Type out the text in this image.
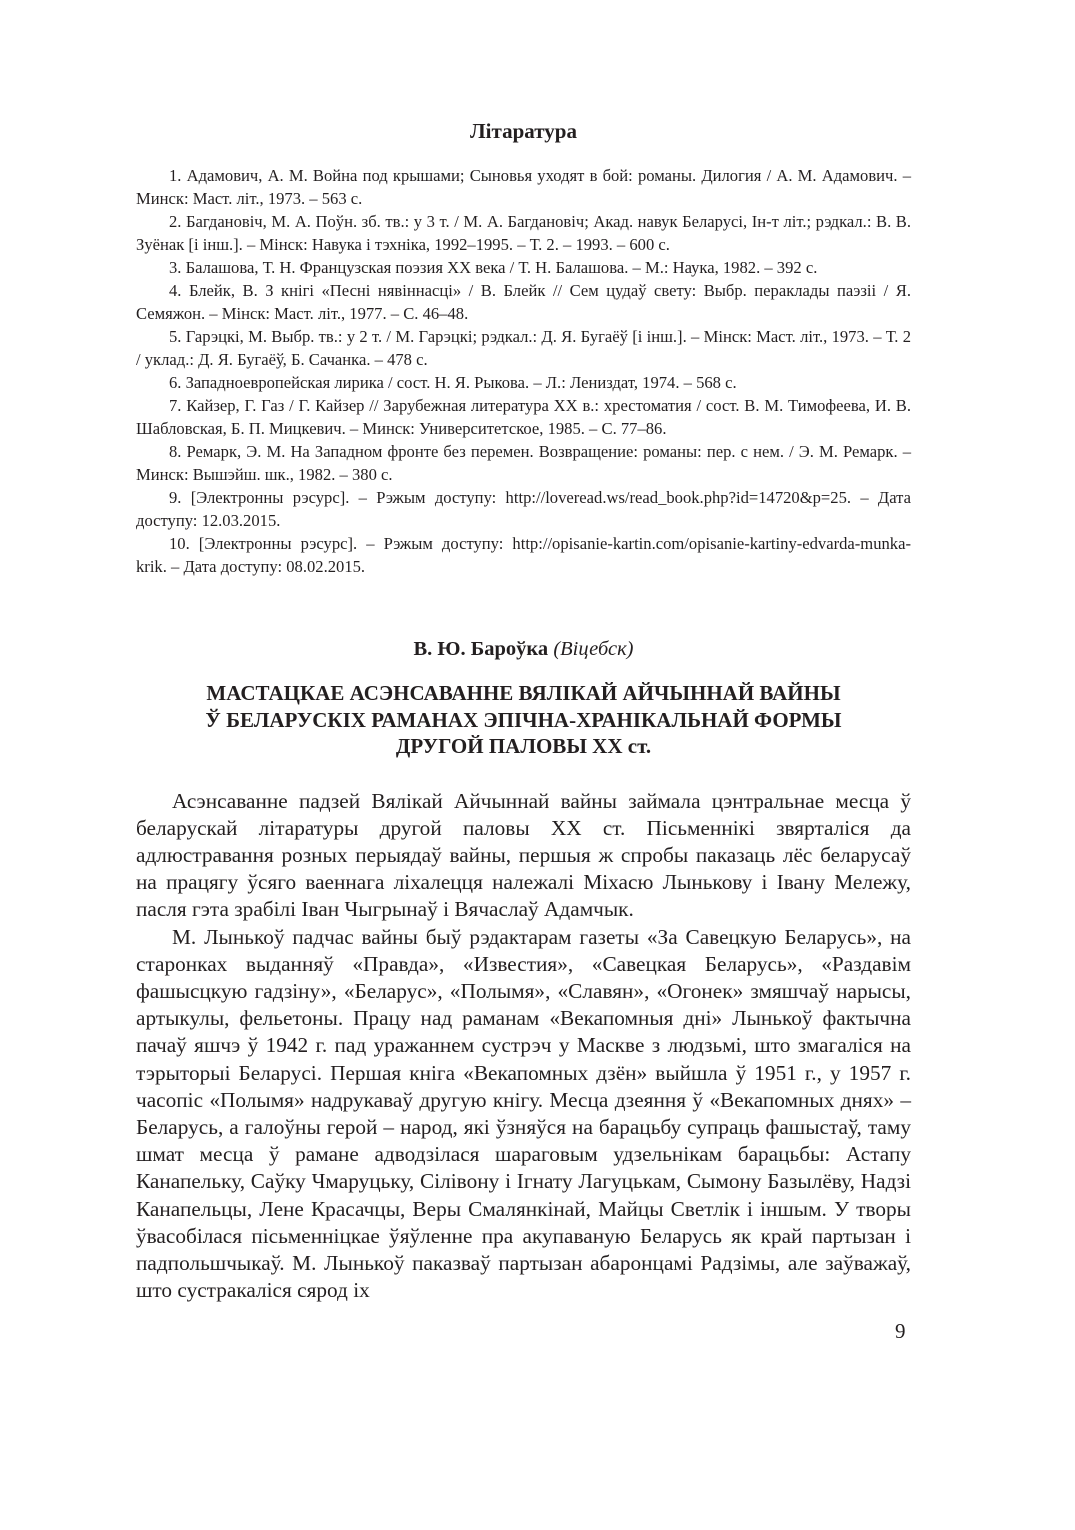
Літаратура

1. Адамович, А. М. Война под крышами; Сыновья уходят в бой: романы. Дилогия / А. М. Адамович. – Минск: Маст. літ., 1973. – 563 с.

2. Багдановіч, М. А. Поўн. зб. тв.: у 3 т. / М. А. Багдановіч; Акад. навук Беларусі, Ін-т літ.; рэдкал.: В. В. Зуёнак [і інш.]. – Мінск: Навука і тэхніка, 1992–1995. – Т. 2. – 1993. – 600 с.

3. Балашова, Т. Н. Французская поэзия XX века / Т. Н. Балашова. – М.: Наука, 1982. – 392 с.

4. Блейк, В. З кнігі «Песні нявіннасці» / В. Блейк // Сем цудаў свету: Выбр. пераклады паэзіі / Я. Семяжон. – Мінск: Маст. літ., 1977. – С. 46–48.

5. Гарэцкі, М. Выбр. тв.: у 2 т. / М. Гарэцкі; рэдкал.: Д. Я. Бугаёў [і інш.]. – Мінск: Маст. літ., 1973. – Т. 2 / уклад.: Д. Я. Бугаёў, Б. Сачанка. – 478 с.

6. Западноевропейская лирика / сост. Н. Я. Рыкова. – Л.: Лениздат, 1974. – 568 с.

7. Кайзер, Г. Газ / Г. Кайзер // Зарубежная литература XX в.: хрестоматия / сост. В. М. Тимофеева, И. В. Шабловская, Б. П. Мицкевич. – Минск: Университетское, 1985. – С. 77–86.

8. Ремарк, Э. М. На Западном фронте без перемен. Возвращение: романы: пер. с нем. / Э. М. Ремарк. – Минск: Вышэйш. шк., 1982. – 380 с.

9. [Электронны рэсурс]. – Рэжым доступу: http://loveread.ws/read_book.php?id=14720&p=25. – Дата доступу: 12.03.2015.

10. [Электронны рэсурс]. – Рэжым доступу: http://opisanie-kartin.com/opisanie-kartiny-edvarda-munka-krik. – Дата доступу: 08.02.2015.

В. Ю. Бароўка (Віцебск)
МАСТАЦКАЕ АСЭНСАВАННЕ ВЯЛІКАЙ АЙЧЫННАЙ ВАЙНЫ
Ў БЕЛАРУСКІХ РАМАНАХ ЭПІЧНА-ХРАНІКАЛЬНАЙ ФОРМЫ
ДРУГОЙ ПАЛОВЫ XX ст.

Асэнсаванне падзей Вялікай Айчыннай вайны займала цэнтральнае месца ў беларускай літаратуры другой паловы XX ст. Пісьменнікі звярталіся да адлюстравання розных перыядаў вайны, першыя ж спробы паказаць лёс беларусаў на працягу ўсяго ваеннага ліхалецця належалі Міхасю Лынькову і Івану Мележу, пасля гэта зрабілі Іван Чыгрынаў і Вячаслаў Адамчык.

М. Лынькоў падчас вайны быў рэдактарам газеты «За Савецкую Беларусь», на старонках выданняў «Правда», «Известия», «Савецкая Беларусь», «Раздавім фашысцкую гадзіну», «Беларус», «Полымя», «Славян», «Огонек» змяшчаў нарысы, артыкулы, фельетоны. Працу над раманам «Векапомныя дні» Лынькоў фактычна пачаў яшчэ ў 1942 г. пад уражаннем сустрэч у Маскве з людзьмі, што змагаліся на тэрыторыі Беларусі. Першая кніга «Векапомных дзён» выйшла ў 1951 г., у 1957 г. часопіс «Полымя» надрукаваў другую кнігу. Месца дзеяння ў «Векапомных днях» – Беларусь, а галоўны герой – народ, які ўзняўся на барацьбу супраць фашыстаў, таму шмат месца ў рамане адводзілася шараговым удзельнікам барацьбы: Астапу Канапельку, Саўку Чмаруцьку, Сілівону і Ігнату Лагуцькам, Сымону Базылёву, Надзі Канапельцы, Лене Красачцы, Веры Смалянкінай, Майцы Светлік і іншым. У творы ўвасобілася пісьменніцкае ўяўленне пра акупаваную Беларусь як край партызан і падпольшчыкаў. М. Лынькоў паказваў партызан абаронцамі Радзімы, але заўважаў, што сустракаліся сярод іх

9
